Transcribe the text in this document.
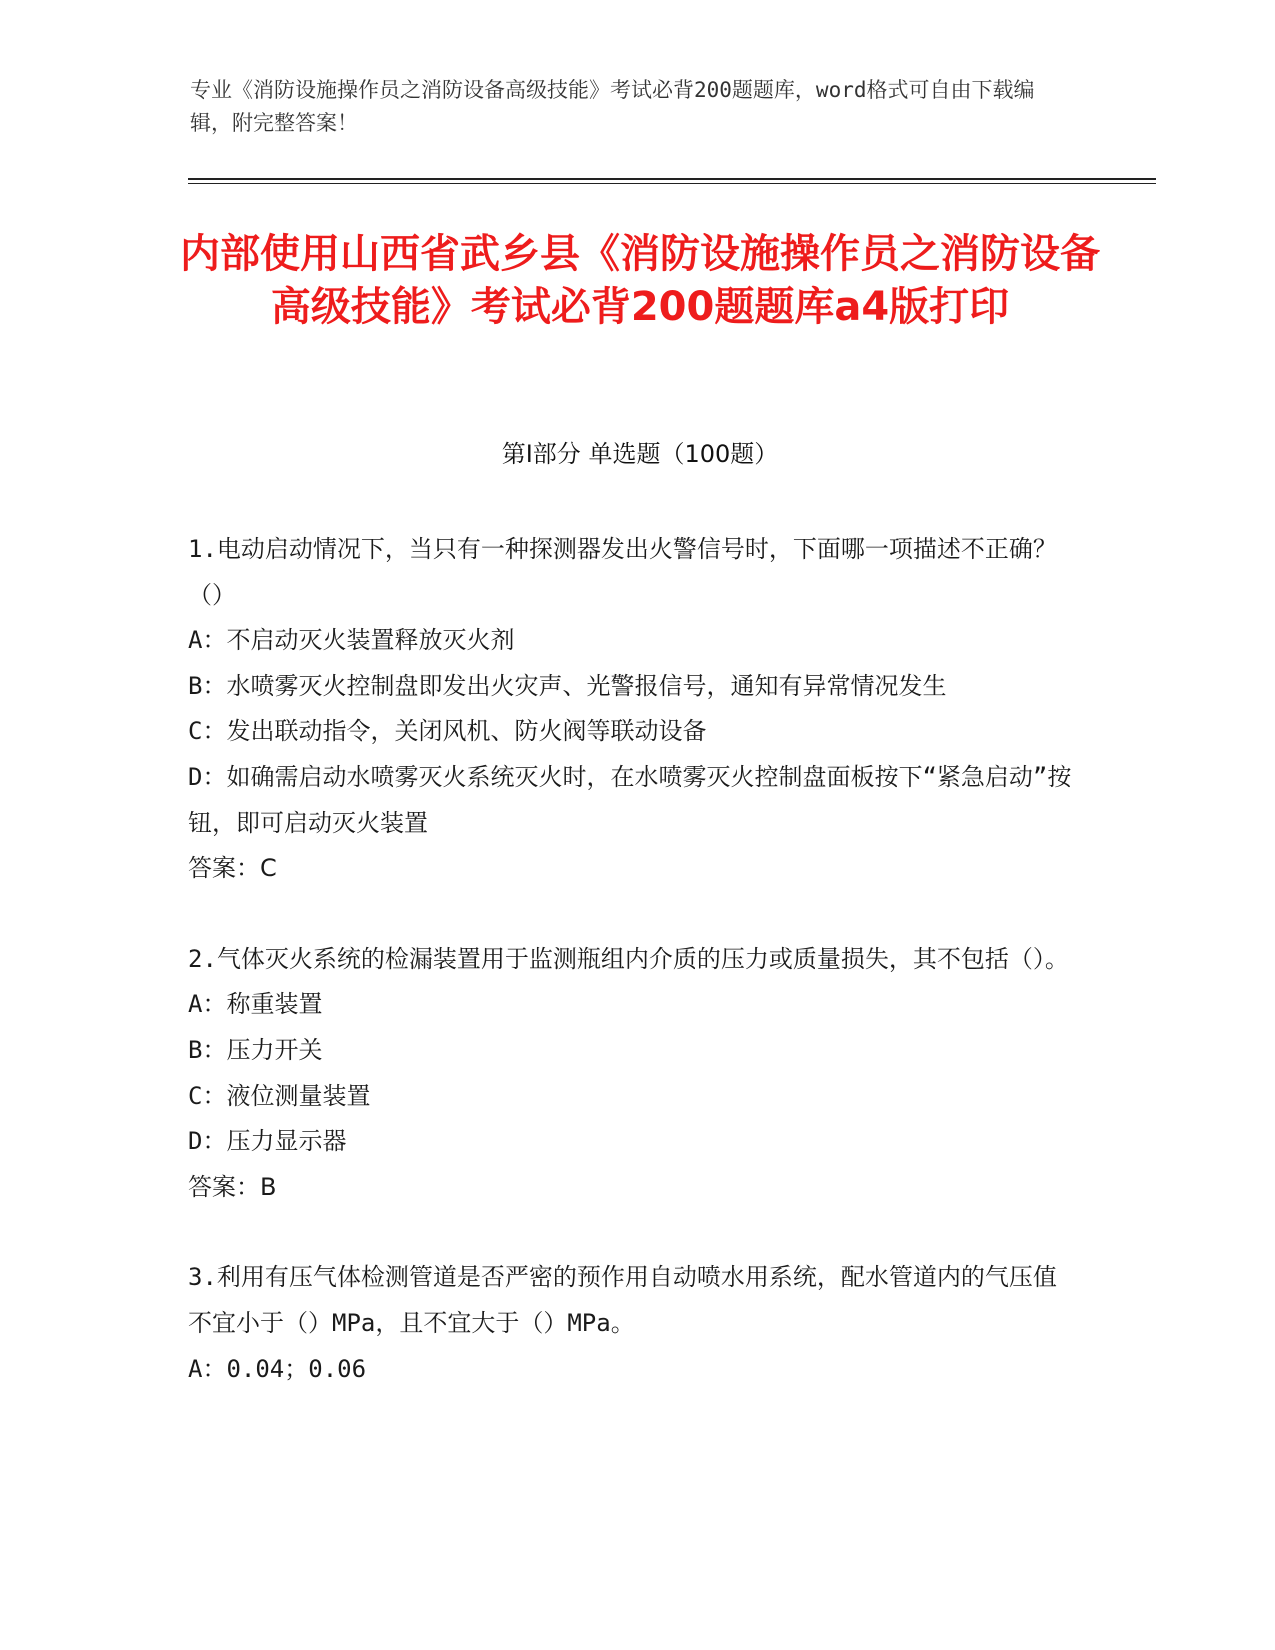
专业《消防设施操作员之消防设备高级技能》考试必背200题题库，word格式可自由下载编辑，附完整答案！
内部使用山西省武乡县《消防设施操作员之消防设备高级技能》考试必背200题题库a4版打印
第I部分 单选题（100题）

1.电动启动情况下，当只有一种探测器发出火警信号时，下面哪一项描述不正确？（）

A：不启动灭火装置释放灭火剂

B：水喷雾灭火控制盘即发出火灾声、光警报信号，通知有异常情况发生

C：发出联动指令，关闭风机、防火阀等联动设备

D：如确需启动水喷雾灭火系统灭火时，在水喷雾灭火控制盘面板按下“紧急启动”按钮，即可启动灭火装置

答案：C

2.气体灭火系统的检漏装置用于监测瓶组内介质的压力或质量损失，其不包括（）。

A：称重装置

B：压力开关

C：液位测量装置

D：压力显示器

答案：B

3.利用有压气体检测管道是否严密的预作用自动喷水用系统，配水管道内的气压值不宜小于（）MPa，且不宜大于（）MPa。

A：0.04；0.06
